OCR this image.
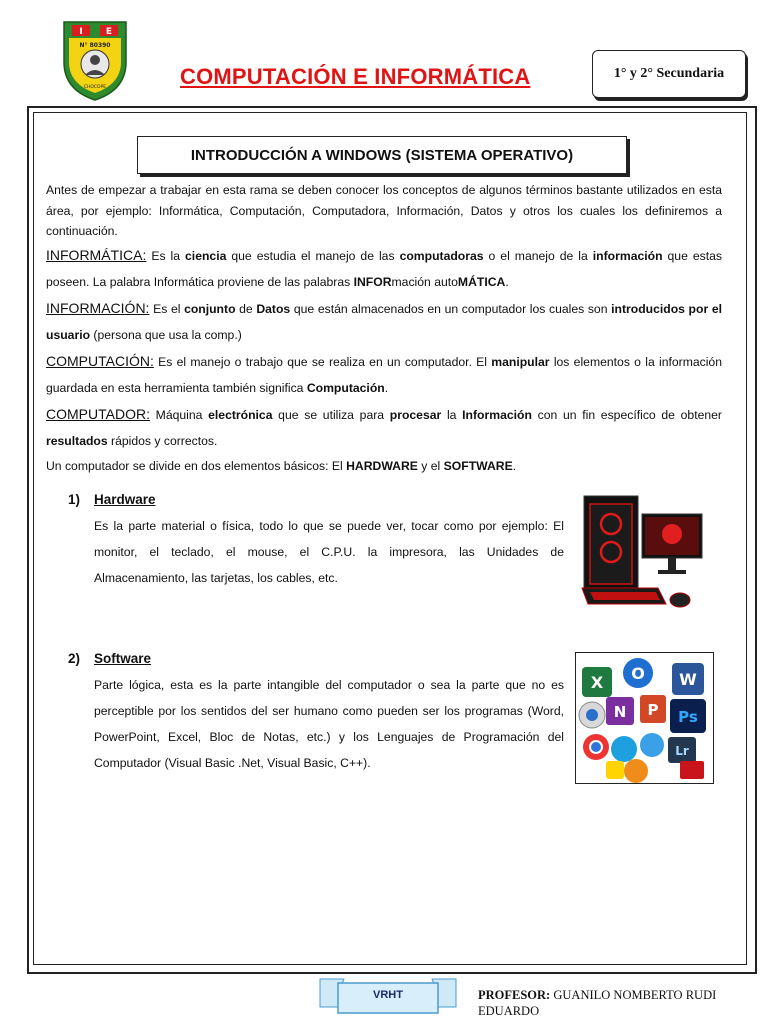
I	E
N° 80390
CHOCOPE	COMPUTACIÓN E INFORMÁTICA	1° y 2° Secundaria
INTRODUCCIÓN A WINDOWS (SISTEMA OPERATIVO)

Antes de empezar a trabajar en esta rama se deben conocer los conceptos de algunos términos bastante utilizados en esta área, por ejemplo: Informática, Computación, Computadora, Información, Datos y otros los cuales los definiremos a continuación.

INFORMÁTICA: Es la ciencia que estudia el manejo de las computadoras o el manejo de la información que estas poseen. La palabra Informática proviene de las palabras INFORmación autoMÁTICA.

INFORMACIÓN: Es el conjunto de Datos que están almacenados en un computador los cuales son introducidos por el usuario (persona que usa la comp.)

COMPUTACIÓN: Es el manejo o trabajo que se realiza en un computador. El manipular los elementos o la información guardada en esta herramienta también significa Computación.

COMPUTADOR: Máquina electrónica que se utiliza para procesar la Información con un fin específico de obtener resultados rápidos y correctos.

Un computador se divide en dos elementos básicos: El HARDWARE y el SOFTWARE.

1) Hardware

Es la parte material o física, todo lo que se puede ver, tocar como por ejemplo: El monitor, el teclado, el mouse, el C.P.U. la impresora, las Unidades de Almacenamiento, las tarjetas, los cables, etc.

2) Software

Parte lógica, esta es la parte intangible del computador o sea la parte que no es perceptible por los sentidos del ser humano como pueden ser los programas (Word, PowerPoint, Excel, Bloc de Notas, etc.) y los Lenguajes de Programación del Computador (Visual Basic .Net, Visual Basic, C++).

X O W
N P Ps
Lr
VRHT	PROFESOR: GUANILO NOMBERTO RUDI EDUARDO
